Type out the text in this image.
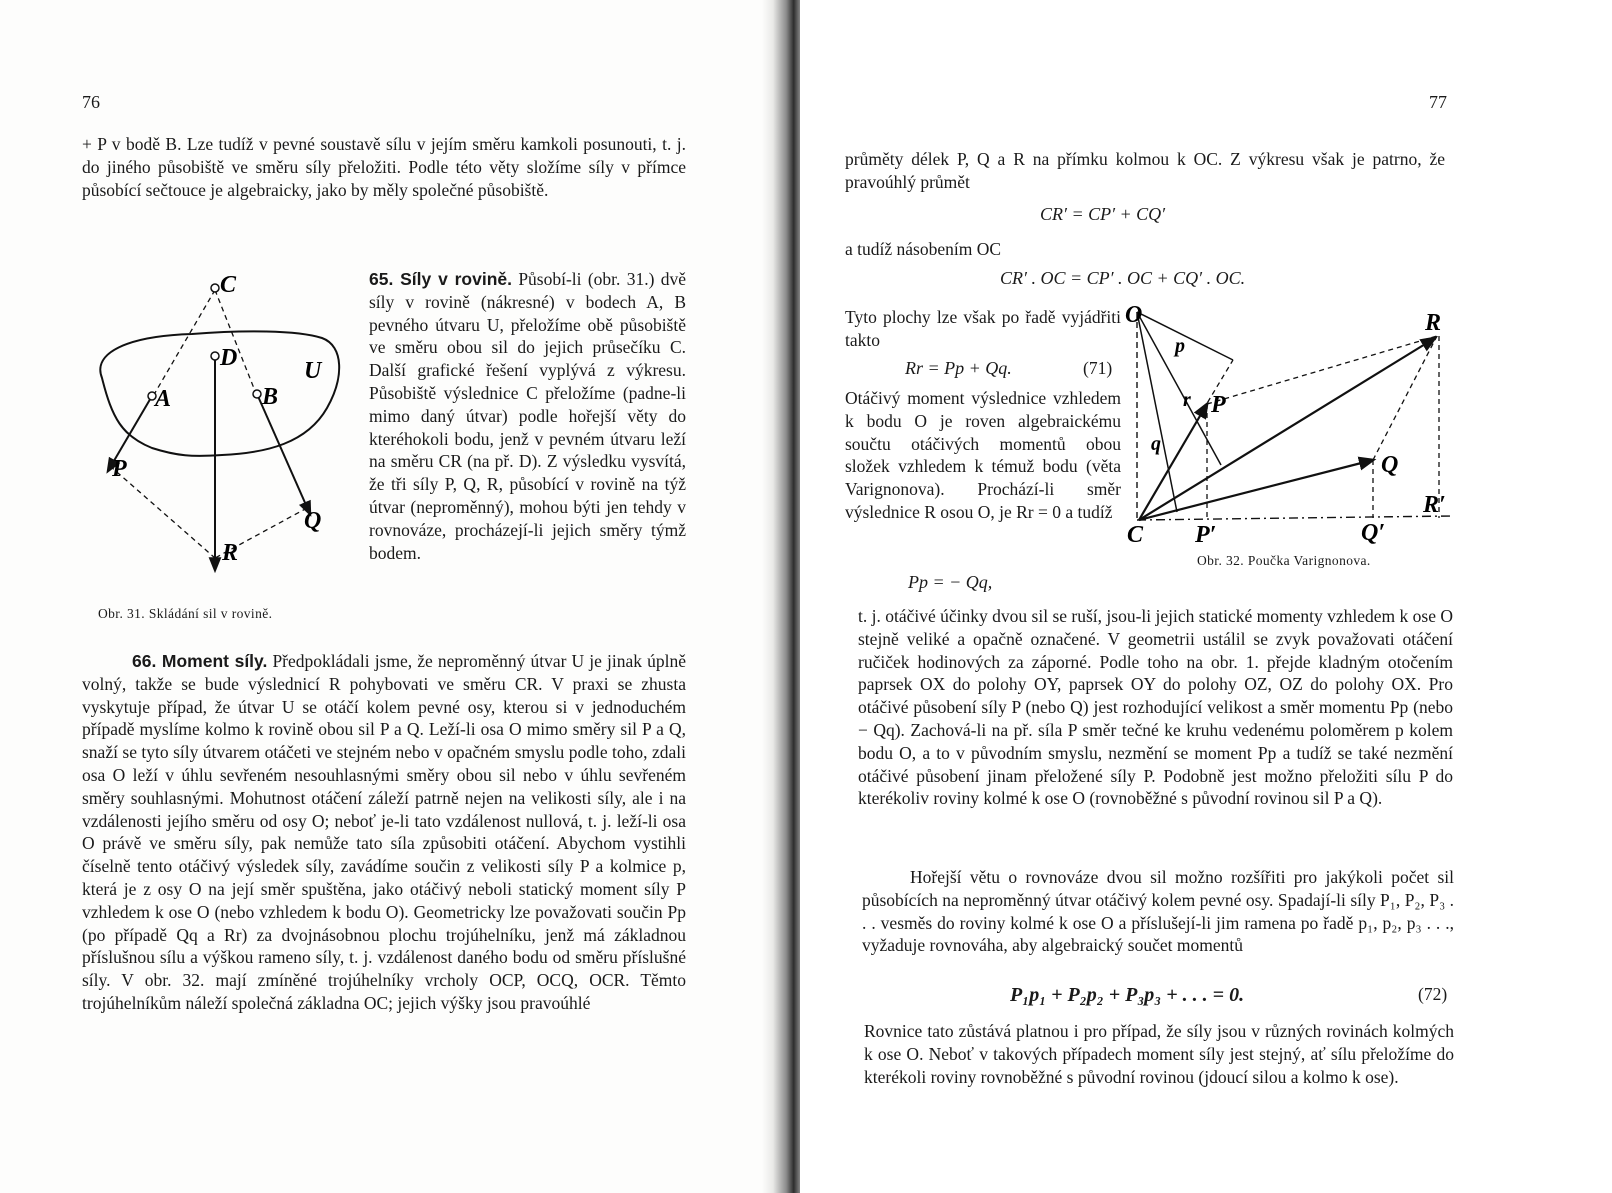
76

+ P v bodě B. Lze tudíž v pevné soustavě sílu v jejím směru kamkoli posunouti, t. j. do jiného působiště ve směru síly přeložiti. Podle této věty složíme síly v přímce působící sečtouce je algebraicky, jako by měly společné působiště.

C
D	U
A	B
P
Q
R
Obr. 31. Skládání sil v rovině.

65. Síly v rovině. Působí-li (obr. 31.) dvě síly v rovině (nákresné) v bodech A, B pevného útvaru U, přeložíme obě působiště ve směru obou sil do jejich průsečíku C. Další grafické řešení vyplývá z výkresu. Působiště výslednice C přeložíme (padne-li mimo daný útvar) podle hořejší věty do kteréhokoli bodu, jenž v pevném útvaru leží na směru CR (na př. D). Z výsledku vysvítá, že tři síly P, Q, R, působící v rovině na týž útvar (neproměnný), mohou býti jen tehdy v rovnováze, procházejí-li jejich směry týmž bodem.

66. Moment síly. Předpokládali jsme, že neproměnný útvar U je jinak úplně volný, takže se bude výslednicí R pohybovati ve směru CR. V praxi se zhusta vyskytuje případ, že útvar U se otáčí kolem pevné osy, kterou si v jednoduchém případě myslíme kolmo k rovině obou sil P a Q. Leží-li osa O mimo směry sil P a Q, snaží se tyto síly útvarem otáčeti ve stejném nebo v opačném smyslu podle toho, zdali osa O leží v úhlu sevřeném nesouhlasnými směry obou sil nebo v úhlu sevřeném směry souhlasnými. Mohutnost otáčení záleží patrně nejen na velikosti síly, ale i na vzdálenosti jejího směru od osy O; neboť je-li tato vzdálenost nullová, t. j. leží-li osa O právě ve směru síly, pak nemůže tato síla způsobiti otáčení. Abychom vystihli číselně tento otáčivý výsledek síly, zavádíme součin z velikosti síly P a kolmice p, která je z osy O na její směr spuštěna, jako otáčivý neboli statický moment síly P vzhledem k ose O (nebo vzhledem k bodu O). Geometricky lze považovati součin Pp (po případě Qq a Rr) za dvojnásobnou plochu trojúhelníku, jenž má základnou příslušnou sílu a výškou rameno síly, t. j. vzdálenost daného bodu od směru příslušné síly. V obr. 32. mají zmíněné trojúhelníky vrcholy OCP, OCQ, OCR. Těmto trojúhelníkům náleží společná základna OC; jejich výšky jsou pravoúhlé

77

průměty délek P, Q a R na přímku kolmou k OC. Z výkresu však je patrno, že pravoúhlý průmět

CR′ = CP′ + CQ′
a tudíž násobením OC
CR′ . OC = CP′ . OC + CQ′ . OC.

Tyto plochy lze však po řadě vyjádřiti takto

Rr = Pp + Qq.	(71)

Otáčivý moment výslednice vzhledem k bodu O je roven algebraickému součtu otáčivých momentů obou složek vzhledem k témuž bodu (věta Varignonova). Prochází-li směr výslednice R osou O, je Rr = 0 a tudíž

Pp = − Qq,
O	R
p
r P
q
Q
R′
C P′	Q′
Obr. 32. Poučka Varignonova.

t. j. otáčivé účinky dvou sil se ruší, jsou-li jejich statické momenty vzhledem k ose O stejně veliké a opačně označené. V geometrii ustálil se zvyk považovati otáčení ručiček hodinových za záporné. Podle toho na obr. 1. přejde kladným otočením paprsek OX do polohy OY, paprsek OY do polohy OZ, OZ do polohy OX. Pro otáčivé působení síly P (nebo Q) jest rozhodující velikost a směr momentu Pp (nebo − Qq). Zachová-li na př. síla P směr tečné ke kruhu vedenému poloměrem p kolem bodu O, a to v původním smyslu, nezmění se moment Pp a tudíž se také nezmění otáčivé působení jinam přeložené síly P. Podobně jest možno přeložiti sílu P do kterékoliv roviny kolmé k ose O (rovnoběžné s původní rovinou sil P a Q).

Hořejší větu o rovnováze dvou sil možno rozšířiti pro jakýkoli počet sil působících na neproměnný útvar otáčivý kolem pevné osy. Spadají-li síly P₁, P₂, P₃ . . . vesměs do roviny kolmé k ose O a příslušejí-li jim ramena po řadě p₁, p₂, p₃ . . ., vyžaduje rovnováha, aby algebraický součet momentů

P₁p₁ + P₂p₂ + P₃p₃ + . . . = 0.	(72)

Rovnice tato zůstává platnou i pro případ, že síly jsou v různých rovinách kolmých k ose O. Neboť v takových případech moment síly jest stejný, ať sílu přeložíme do kterékoli roviny rovnoběžné s původní rovinou (jdoucí silou a kolmo k ose).
